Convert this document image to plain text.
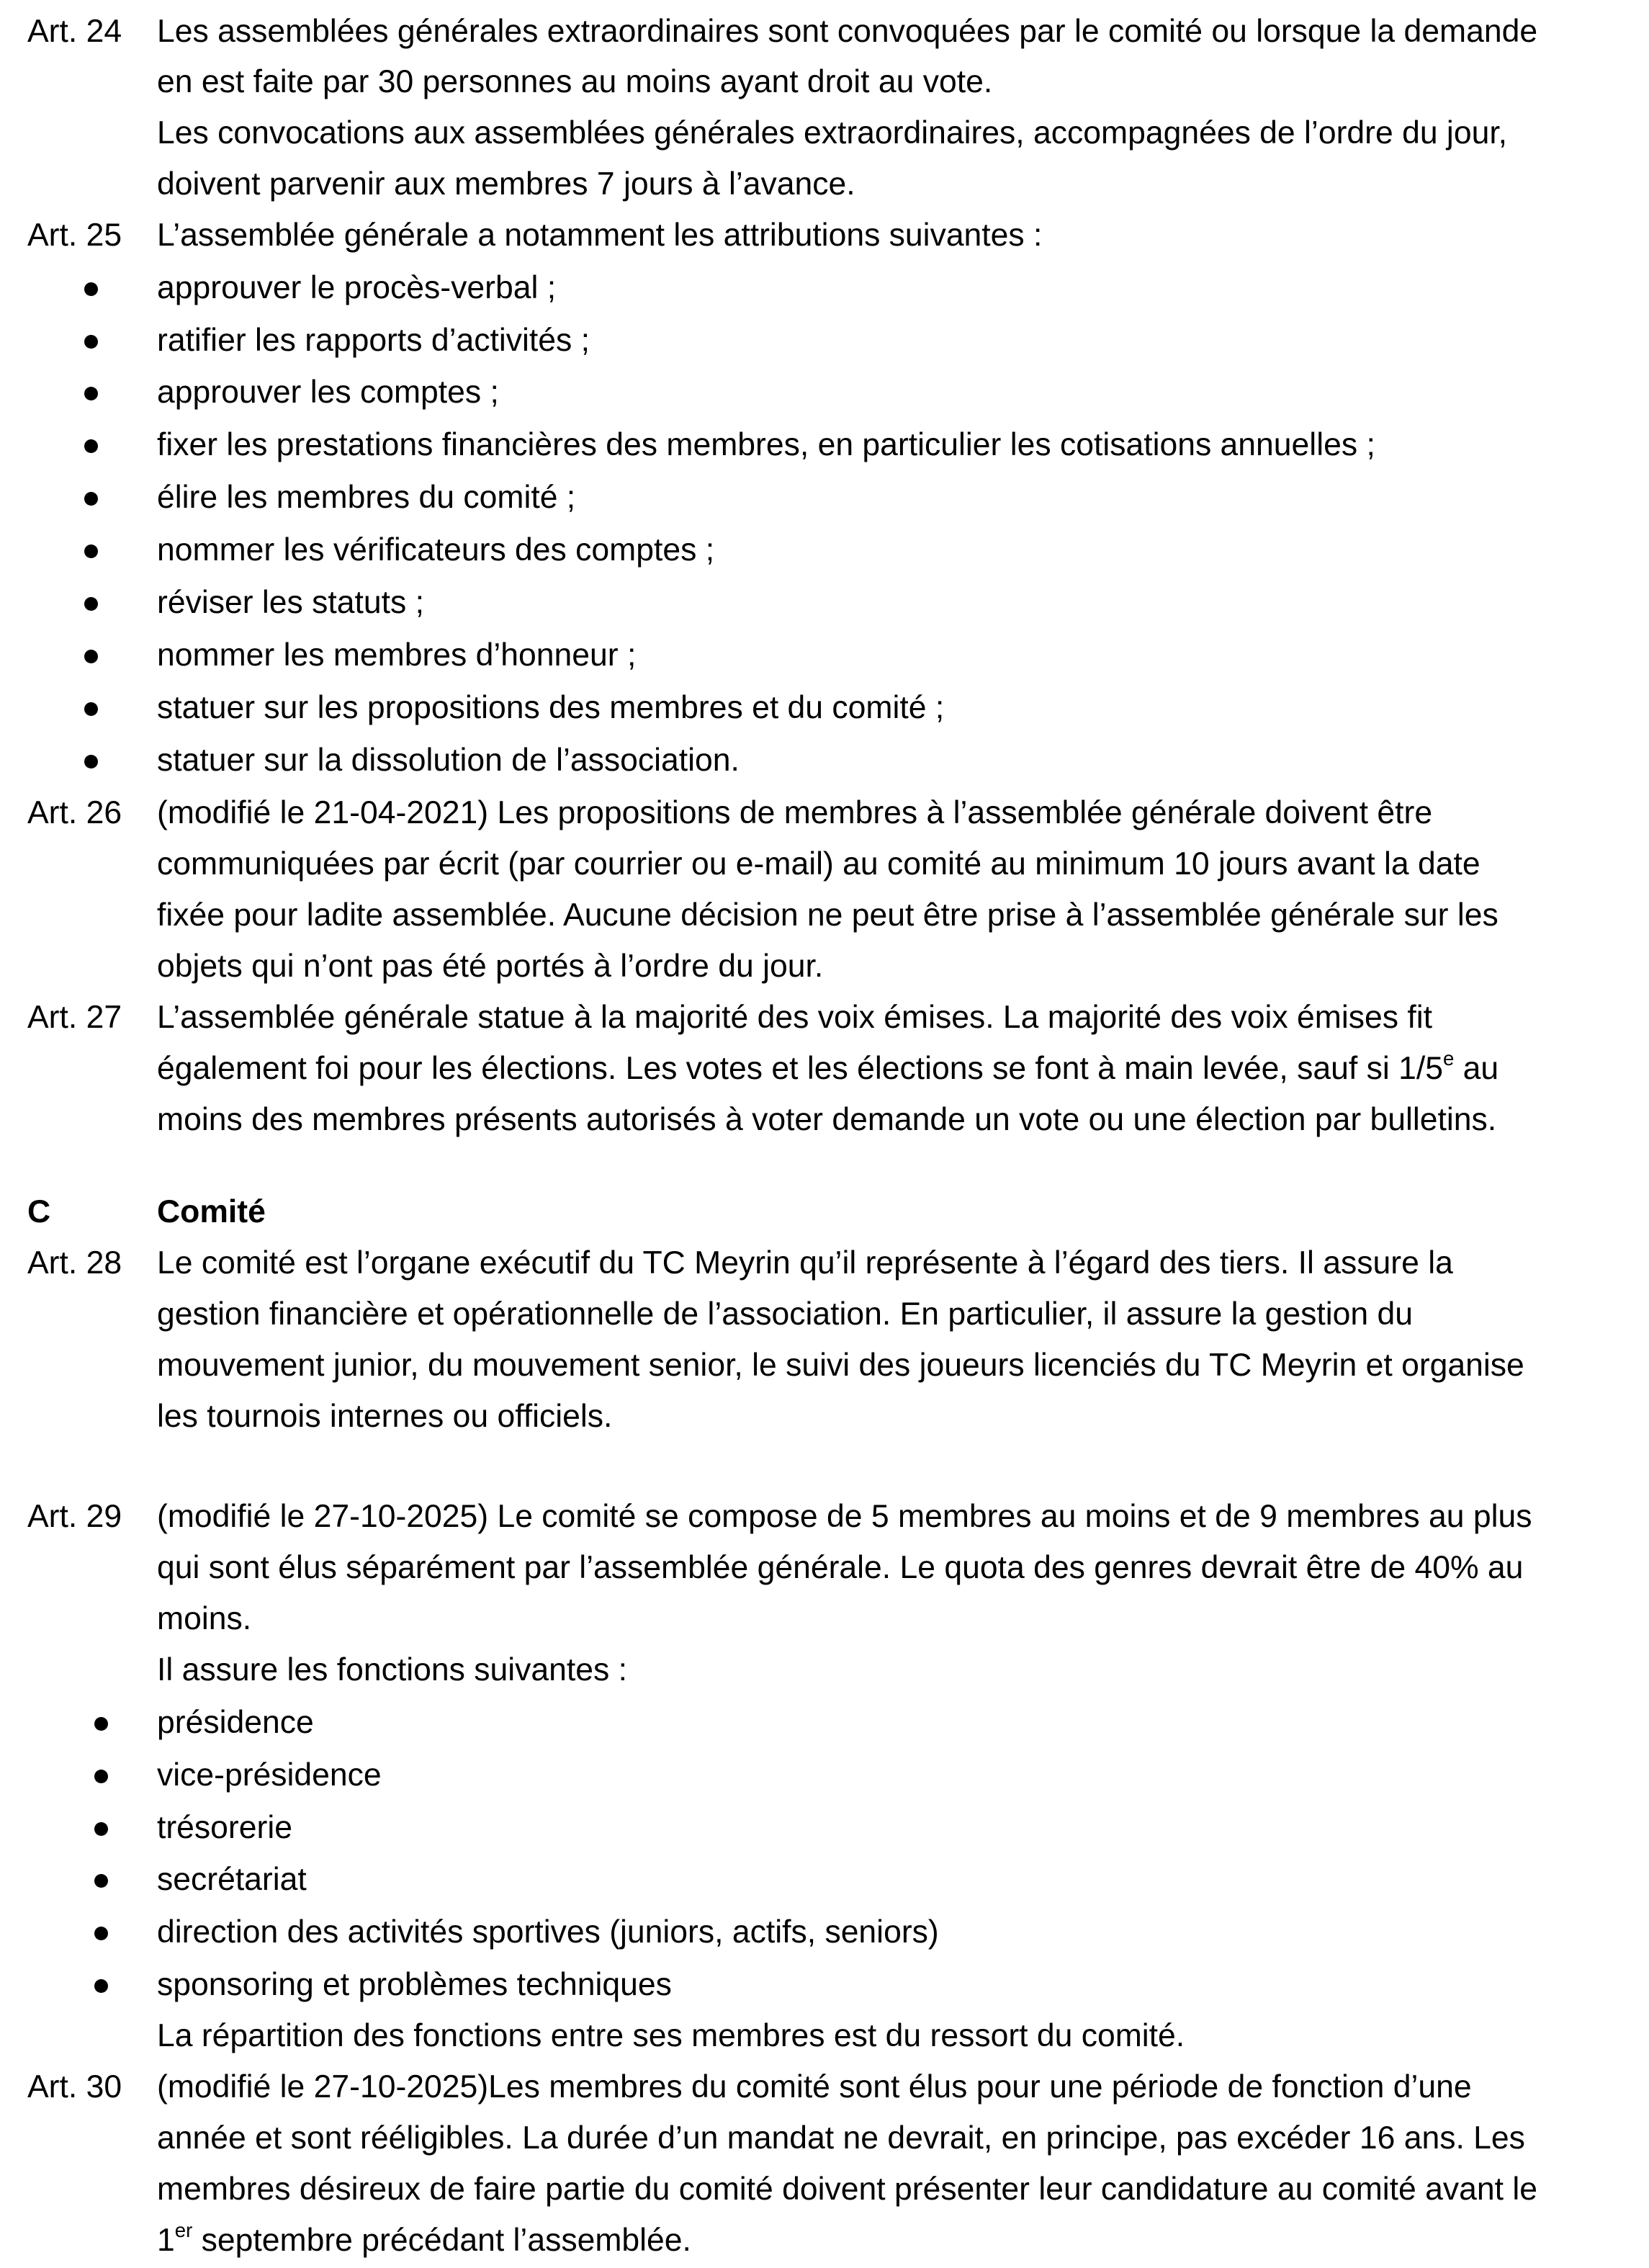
Art. 24 Les assemblées générales extraordinaires sont convoquées par le comité ou lorsque la demande
en est faite par 30 personnes au moins ayant droit au vote.
Les convocations aux assemblées générales extraordinaires, accompagnées de l’ordre du jour,
doivent parvenir aux membres 7 jours à l’avance.
Art. 25 L’assemblée générale a notamment les attributions suivantes :
approuver le procès-verbal ;
ratifier les rapports d’activités ;
approuver les comptes ;
fixer les prestations financières des membres, en particulier les cotisations annuelles ;
élire les membres du comité ;
nommer les vérificateurs des comptes ;
réviser les statuts ;
nommer les membres d’honneur ;
statuer sur les propositions des membres et du comité ;
statuer sur la dissolution de l’association.
Art. 26 (modifié le 21-04-2021) Les propositions de membres à l’assemblée générale doivent être
communiquées par écrit (par courrier ou e-mail) au comité au minimum 10 jours avant la date
fixée pour ladite assemblée. Aucune décision ne peut être prise à l’assemblée générale sur les
objets qui n’ont pas été portés à l’ordre du jour.
Art. 27 L’assemblée générale statue à la majorité des voix émises. La majorité des voix émises fit
également foi pour les élections. Les votes et les élections se font à main levée, sauf si 1/5e au
moins des membres présents autorisés à voter demande un vote ou une élection par bulletins.
C	Comité
Art. 28 Le comité est l’organe exécutif du TC Meyrin qu’il représente à l’égard des tiers. Il assure la
gestion financière et opérationnelle de l’association. En particulier, il assure la gestion du
mouvement junior, du mouvement senior, le suivi des joueurs licenciés du TC Meyrin et organise
les tournois internes ou officiels.
Art. 29 (modifié le 27-10-2025) Le comité se compose de 5 membres au moins et de 9 membres au plus
qui sont élus séparément par l’assemblée générale. Le quota des genres devrait être de 40% au
moins.
Il assure les fonctions suivantes :
présidence
vice-présidence
trésorerie
secrétariat
direction des activités sportives (juniors, actifs, seniors)
sponsoring et problèmes techniques
La répartition des fonctions entre ses membres est du ressort du comité.
Art. 30 (modifié le 27-10-2025)Les membres du comité sont élus pour une période de fonction d’une
année et sont rééligibles. La durée d’un mandat ne devrait, en principe, pas excéder 16 ans. Les
membres désireux de faire partie du comité doivent présenter leur candidature au comité avant le
1er septembre précédant l’assemblée.
